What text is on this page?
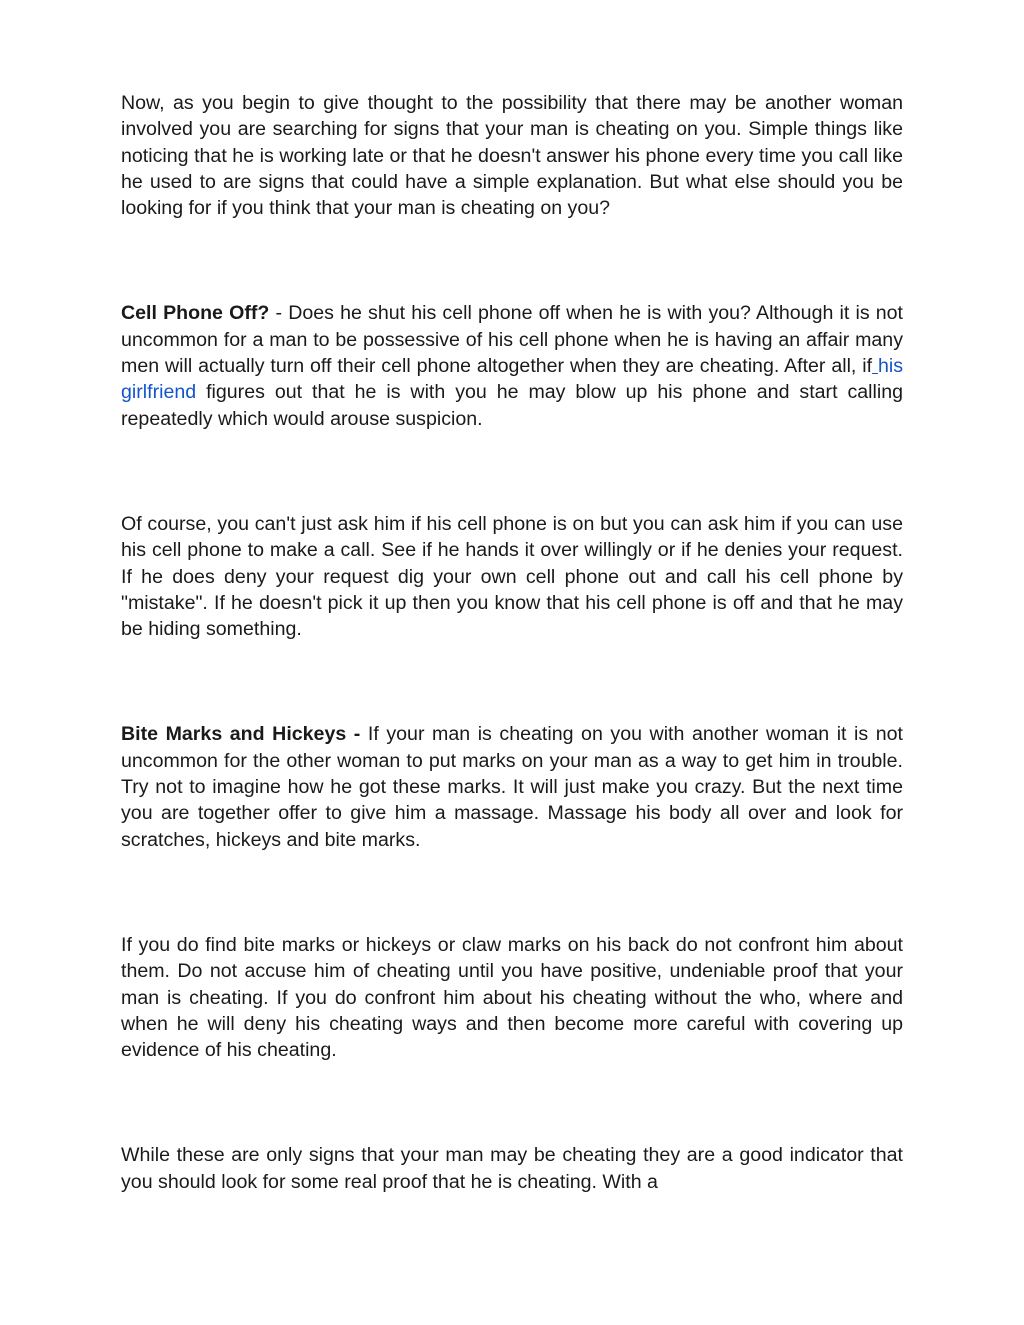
Now, as you begin to give thought to the possibility that there may be another woman involved you are searching for signs that your man is cheating on you. Simple things like noticing that he is working late or that he doesn't answer his phone every time you call like he used to are signs that could have a simple explanation. But what else should you be looking for if you think that your man is cheating on you?

Cell Phone Off? - Does he shut his cell phone off when he is with you? Although it is not uncommon for a man to be possessive of his cell phone when he is having an affair many men will actually turn off their cell phone altogether when they are cheating. After all, if his girlfriend figures out that he is with you he may blow up his phone and start calling repeatedly which would arouse suspicion.

Of course, you can't just ask him if his cell phone is on but you can ask him if you can use his cell phone to make a call. See if he hands it over willingly or if he denies your request. If he does deny your request dig your own cell phone out and call his cell phone by "mistake". If he doesn't pick it up then you know that his cell phone is off and that he may be hiding something.

Bite Marks and Hickeys - If your man is cheating on you with another woman it is not uncommon for the other woman to put marks on your man as a way to get him in trouble. Try not to imagine how he got these marks. It will just make you crazy. But the next time you are together offer to give him a massage. Massage his body all over and look for scratches, hickeys and bite marks.

If you do find bite marks or hickeys or claw marks on his back do not confront him about them. Do not accuse him of cheating until you have positive, undeniable proof that your man is cheating. If you do confront him about his cheating without the who, where and when he will deny his cheating ways and then become more careful with covering up evidence of his cheating.

While these are only signs that your man may be cheating they are a good indicator that you should look for some real proof that he is cheating. With a
